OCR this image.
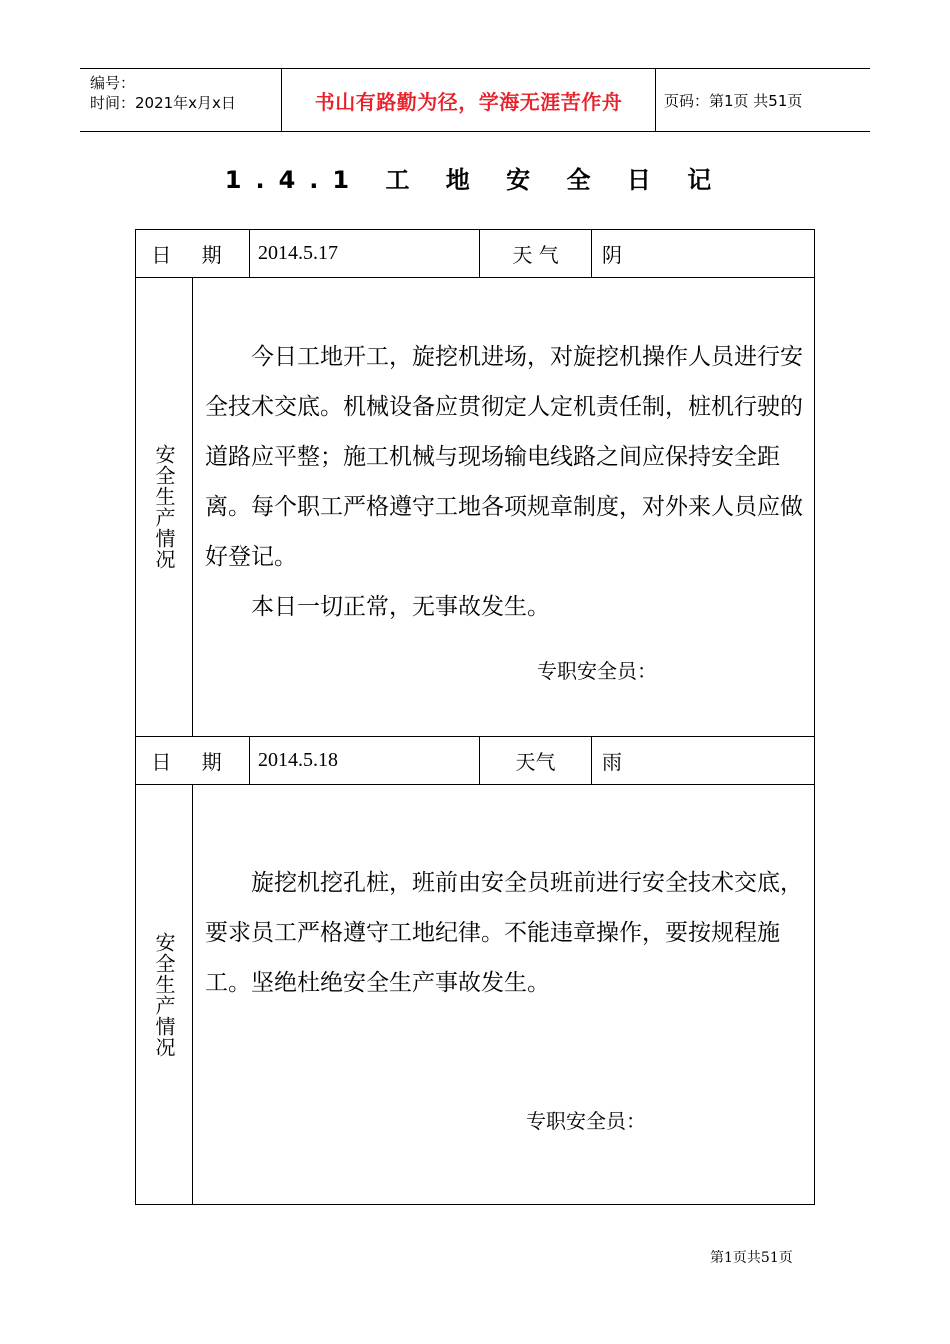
编号：
时间：2021年x月x日	书山有路勤为径，学海无涯苦作舟	页码：第1页 共51页
1.4.1 工 地 安 全 日 记
日 期	2014.5.17	天 气	阴
安全生产情况

今日工地开工，旋挖机进场，对旋挖机操作人员进行安全技术交底。机械设备应贯彻定人定机责任制，桩机行驶的道路应平整；施工机械与现场输电线路之间应保持安全距离。每个职工严格遵守工地各项规章制度，对外来人员应做好登记。

本日一切正常，无事故发生。

专职安全员：
日 期	2014.5.18	天气	雨
安全生产情况

旋挖机挖孔桩，班前由安全员班前进行安全技术交底，要求员工严格遵守工地纪律。不能违章操作，要按规程施工。坚绝杜绝安全生产事故发生。

专职安全员：
第1页共51页
